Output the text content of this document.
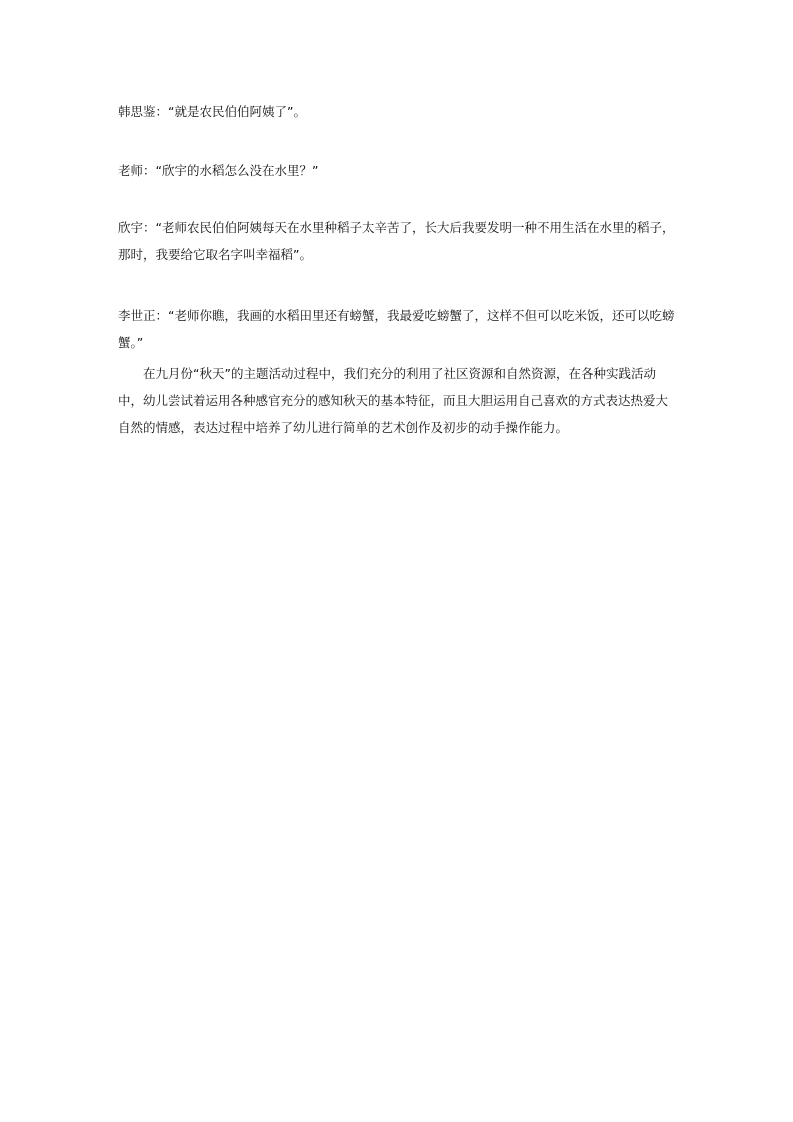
韩思鉴：“就是农民伯伯阿姨了”。

老师：“欣宇的水稻怎么没在水里？”

欣宇：“老师农民伯伯阿姨每天在水里种稻子太辛苦了，长大后我要发明一种不用生活在水里的稻子，那时，我要给它取名字叫幸福稻”。

李世正：“老师你瞧，我画的水稻田里还有螃蟹，我最爱吃螃蟹了，这样不但可以吃米饭，还可以吃螃蟹。”

在九月份“秋天”的主题活动过程中，我们充分的利用了社区资源和自然资源，在各种实践活动中，幼儿尝试着运用各种感官充分的感知秋天的基本特征，而且大胆运用自己喜欢的方式表达热爱大自然的情感，表达过程中培养了幼儿进行简单的艺术创作及初步的动手操作能力。
